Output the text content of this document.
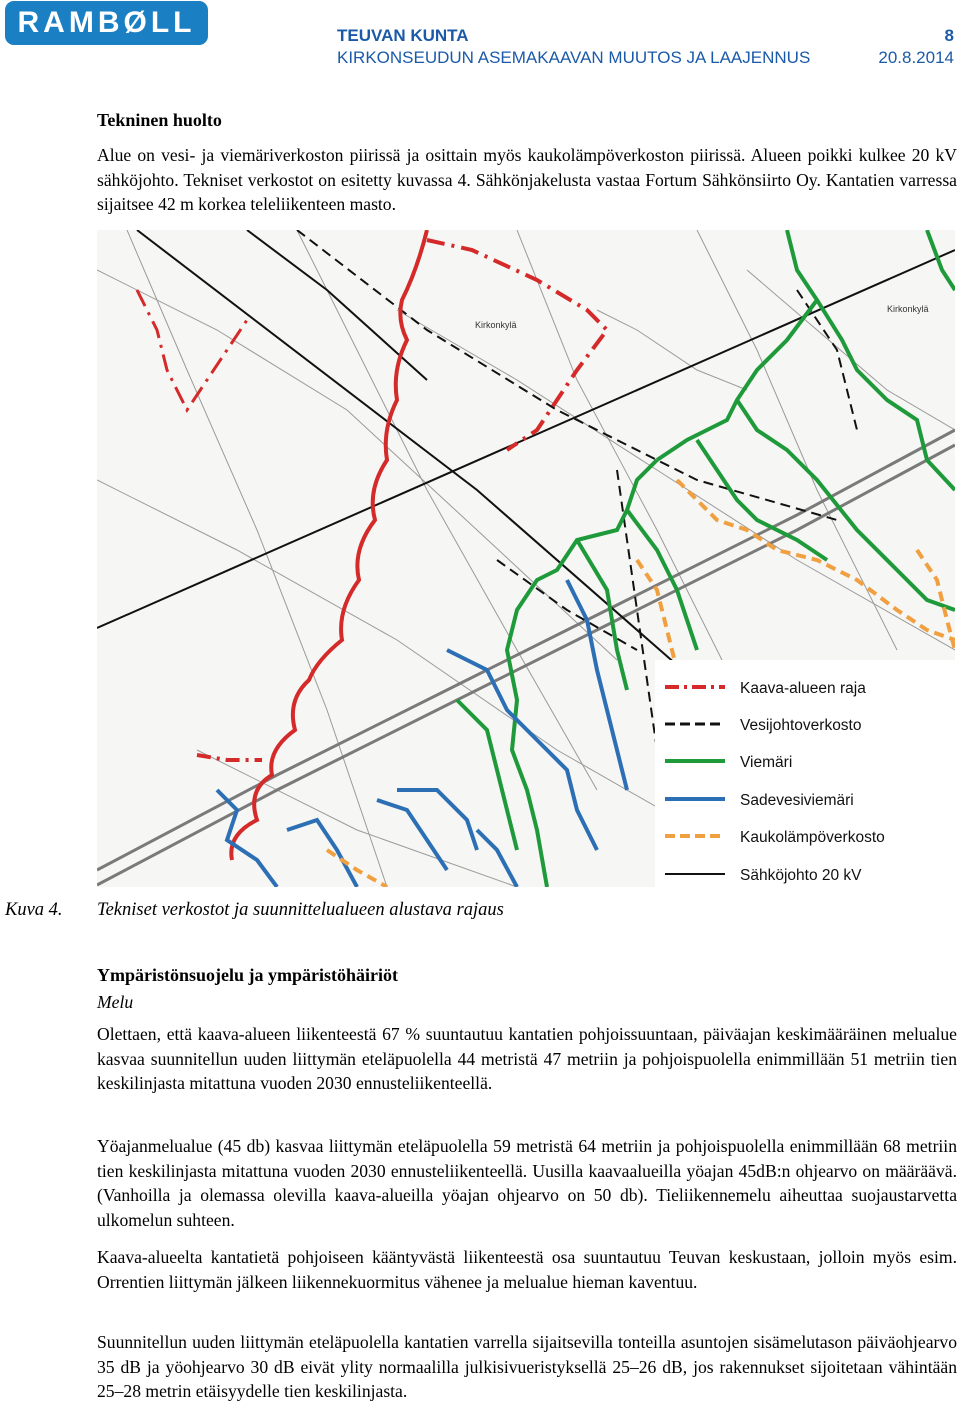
RAMBØLL	TEUVAN KUNTA	8
KIRKONSEUDUN ASEMAKAAVAN MUUTOS JA LAAJENNUS	20.8.2014
Tekninen huolto
Alue on vesi- ja viemäriverkoston piirissä ja osittain myös kaukolämpöverkoston piirissä. Alueen poikki kulkee 20 kV sähköjohto. Tekniset verkostot on esitetty kuvassa 4. Sähkönjakelusta vastaa Fortum Sähkönsiirto Oy. Kantatien varressa sijaitsee 42 m korkea teleliikenteen masto.
Kirkonkylä
Kirkonkylä
Kaava-alueen raja
Vesijohtoverkosto
Viemäri
Sadevesiviemäri
Kaukolämpöverkosto
Sähköjohto 20 kV
Kuva 4. Tekniset verkostot ja suunnittelualueen alustava rajaus
Ympäristönsuojelu ja ympäristöhäiriöt
Melu
Olettaen, että kaava-alueen liikenteestä 67 % suuntautuu kantatien pohjoissuuntaan, päiväajan keskimääräinen melualue kasvaa suunnitellun uuden liittymän eteläpuolella 44 metristä 47 metriin ja pohjoispuolella enimmillään 51 metriin tien keskilinjasta mitattuna vuoden 2030 ennusteliikenteellä.
Yöajanmelualue (45 db) kasvaa liittymän eteläpuolella 59 metristä 64 metriin ja pohjoispuolella enimmillään 68 metriin tien keskilinjasta mitattuna vuoden 2030 ennusteliikenteellä. Uusilla kaavaalueilla yöajan 45dB:n ohjearvo on määräävä. (Vanhoilla ja olemassa olevilla kaava-alueilla yöajan ohjearvo on 50 db). Tieliikennemelu aiheuttaa suojaustarvetta ulkomelun suhteen.
Kaava-alueelta kantatietä pohjoiseen kääntyvästä liikenteestä osa suuntautuu Teuvan keskustaan, jolloin myös esim. Orrentien liittymän jälkeen liikennekuormitus vähenee ja melualue hieman kaventuu.
Suunnitellun uuden liittymän eteläpuolella kantatien varrella sijaitsevilla tonteilla asuntojen sisämelutason päiväohjearvo 35 dB ja yöohjearvo 30 dB eivät ylity normaalilla julkisivueristyksellä 25–26 dB, jos rakennukset sijoitetaan vähintään 25–28 metrin etäisyydelle tien keskilinjasta.
